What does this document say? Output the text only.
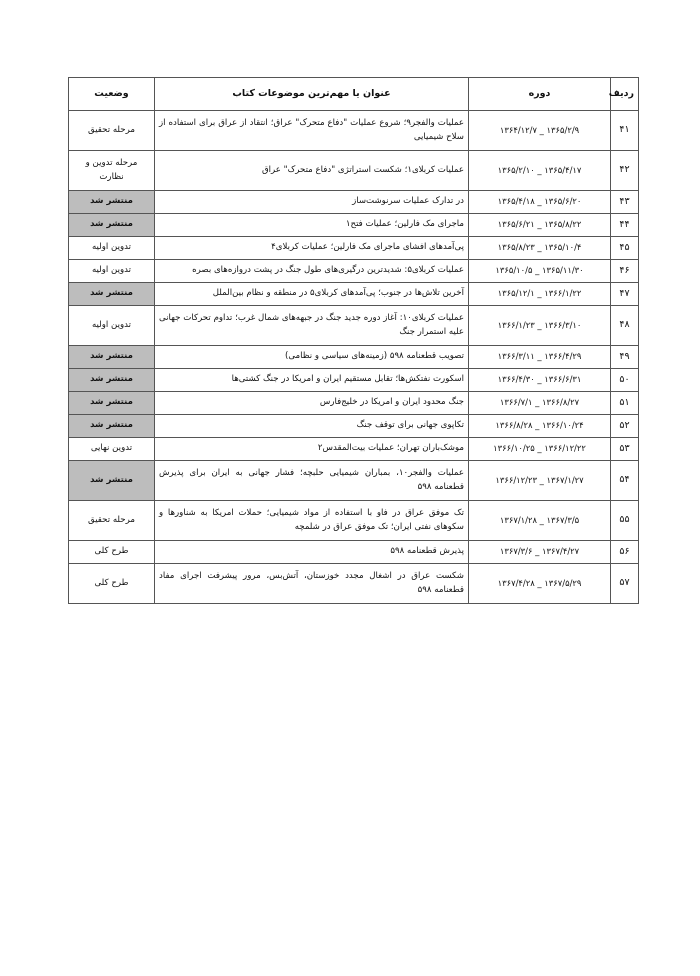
ردیف	دوره	عنوان یا مهم‌ترین موضوعات کتاب	وضعیت
۴۱	۱۳۶۴/۱۲/۷ _ ۱۳۶۵/۲/۹	عملیات والفجر۹؛ شروع عملیات "دفاع متحرک" عراق؛ انتقاد از عراق برای استفاده از سلاح شیمیایی	مرحله تحقیق
۴۲	۱۳۶۵/۲/۱۰ _ ۱۳۶۵/۴/۱۷	عملیات کربلای۱؛ شکست استراتژی "دفاع متحرک" عراق	مرحله تدوین و نظارت
۴۳	۱۳۶۵/۴/۱۸ _ ۱۳۶۵/۶/۲۰	در تدارک عملیات سرنوشت‌ساز	منتشر شد
۴۴	۱۳۶۵/۶/۲۱ _ ۱۳۶۵/۸/۲۲	ماجرای مک فارلین؛ عملیات فتح۱	منتشر شد
۴۵	۱۳۶۵/۸/۲۳ _ ۱۳۶۵/۱۰/۴	پی‌آمدهای افشای ماجرای مک فارلین؛ عملیات کربلای۴	تدوین اولیه
۴۶	۱۳۶۵/۱۰/۵ _ ۱۳۶۵/۱۱/۳۰	عملیات کربلای۵: شدیدترین درگیری‌های طول جنگ در پشت دروازه‌های بصره	تدوین اولیه
۴۷	۱۳۶۵/۱۲/۱ _ ۱۳۶۶/۱/۲۲	آخرین تلاش‌ها در جنوب؛ پی‌آمدهای کربلای۵ در منطقه و نظام بین‌الملل	منتشر شد
۴۸	۱۳۶۶/۱/۲۳ _ ۱۳۶۶/۳/۱۰	عملیات کربلای۱۰: آغاز دوره جدید جنگ در جبهه‌های شمال غرب؛ تداوم تحرکات جهانی علیه استمرار جنگ	تدوین اولیه
۴۹	۱۳۶۶/۳/۱۱ _ ۱۳۶۶/۴/۲۹	تصویب قطعنامه ۵۹۸ (زمینه‌های سیاسی و نظامی)	منتشر شد
۵۰	۱۳۶۶/۴/۳۰ _ ۱۳۶۶/۶/۳۱	اسکورت نفتکش‌ها؛ تقابل مستقیم ایران و امریکا در جنگ کشتی‌ها	منتشر شد
۵۱	۱۳۶۶/۷/۱ _ ۱۳۶۶/۸/۲۷	جنگ محدود ایران و امریکا در خلیج‌فارس	منتشر شد
۵۲	۱۳۶۶/۸/۲۸ _ ۱۳۶۶/۱۰/۲۴	تکاپوی جهانی برای توقف جنگ	منتشر شد
۵۳	۱۳۶۶/۱۰/۲۵ _ ۱۳۶۶/۱۲/۲۲	موشک‌باران تهران؛ عملیات بیت‌المقدس۲	تدوین نهایی
۵۴	۱۳۶۶/۱۲/۲۳ _ ۱۳۶۷/۱/۲۷	عملیات والفجر۱۰، بمباران شیمیایی حلبچه؛ فشار جهانی به ایران برای پذیرش قطعنامه ۵۹۸	منتشر شد
۵۵	۱۳۶۷/۱/۲۸ _ ۱۳۶۷/۳/۵	تک موفق عراق در فاو با استفاده از مواد شیمیایی؛ حملات امریکا به شناورها و سکوهای نفتی ایران؛ تک موفق عراق در شلمچه	مرحله تحقیق
۵۶	۱۳۶۷/۳/۶ _ ۱۳۶۷/۴/۲۷	پذیرش قطعنامه ۵۹۸	طرح کلی
۵۷	۱۳۶۷/۴/۲۸ _ ۱۳۶۷/۵/۲۹	شکست عراق در اشغال مجدد خوزستان، آتش‌بس، مرور پیشرفت اجرای مفاد قطعنامه ۵۹۸	طرح کلی
